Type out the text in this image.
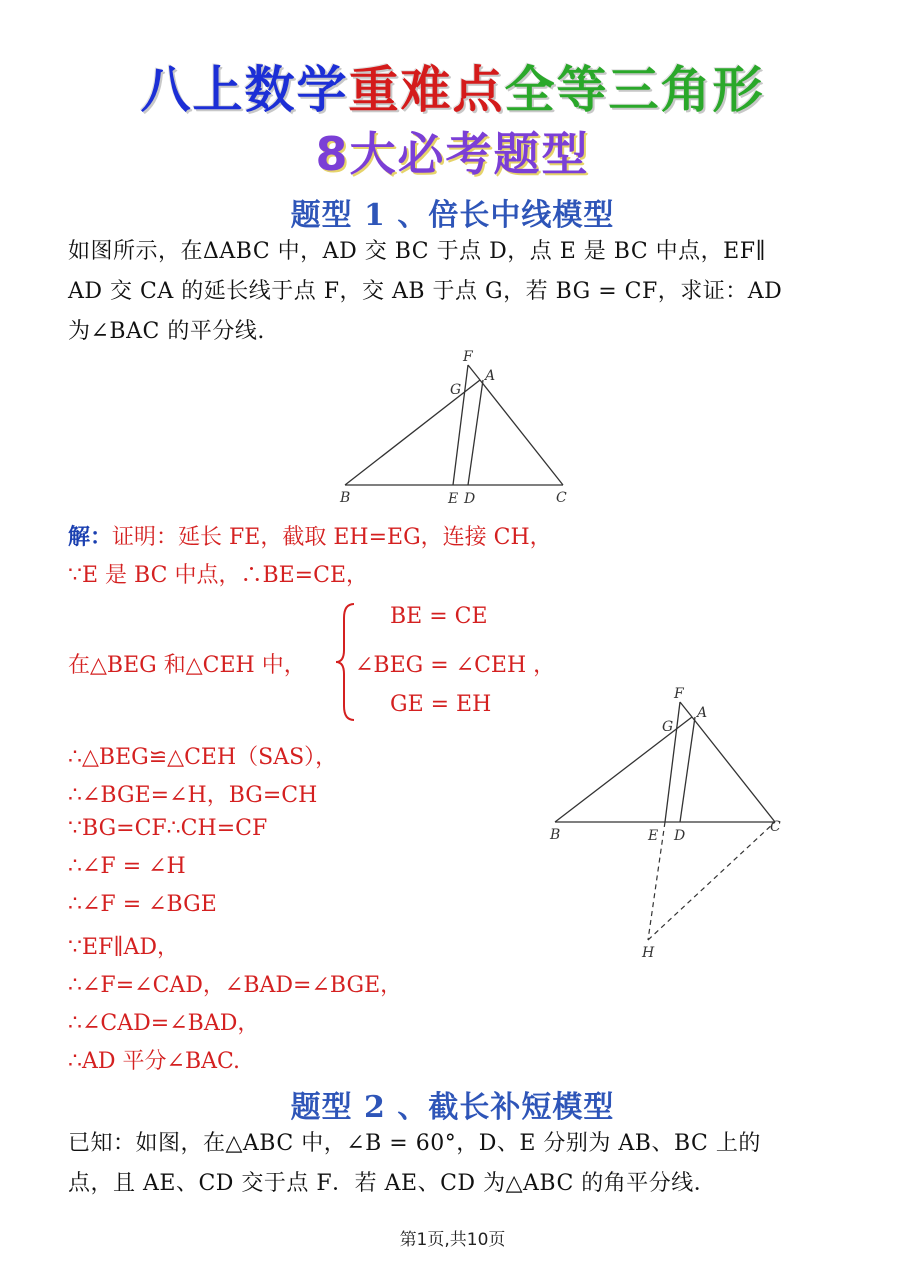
八上数学重难点全等三角形
8大必考题型
题型 1 、倍长中线模型
如图所示，在ΔABC 中，AD 交 BC 于点 D，点 E 是 BC 中点，EF∥
AD 交 CA 的延长线于点 F，交 AB 于点 G，若 BG = CF，求证：AD
为∠BAC 的平分线.
F
G
A
B	E D	C
解：证明：延长 FE，截取 EH=EG，连接 CH，
∵E 是 BC 中点，∴BE=CE，
在△BEG 和△CEH 中，
BE = CE
∠BEG = ∠CEH ，
GE = EH
∴△BEG≌△CEH（SAS），
∴∠BGE=∠H，BG=CH
∵BG=CF∴CH=CF
∴∠F = ∠H
∴∠F = ∠BGE
∵EF∥AD，
∴∠F=∠CAD，∠BAD=∠BGE，
∴∠CAD=∠BAD，
∴AD 平分∠BAC.
F
G
A
B	E D
C
H
题型 2 、截长补短模型
已知：如图，在△ABC 中，∠B = 60°，D、E 分别为 AB、BC 上的
点，且 AE、CD 交于点 F．若 AE、CD 为△ABC 的角平分线．
第1页,共10页
